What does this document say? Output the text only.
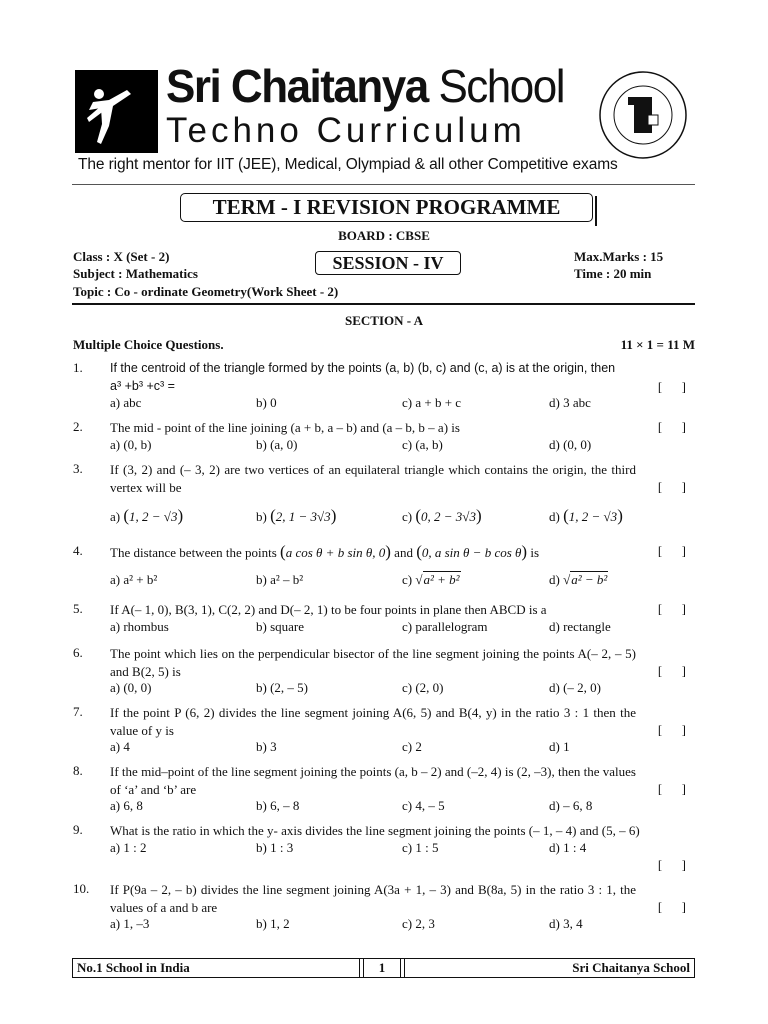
Sri Chaitanya School
Techno Curriculum
The right mentor for IIT (JEE), Medical, Olympiad & all other Competitive exams
TERM - I REVISION PROGRAMME
BOARD : CBSE
SESSION - IV
Class : X (Set - 2)
Subject : Mathematics
Topic : Co - ordinate Geometry(Work Sheet - 2)
Max.Marks : 15
Time : 20 min
SECTION - A
Multiple Choice Questions.	11 × 1 = 11 M
1. If the centroid of the triangle formed by the points (a, b) (b, c) and (c, a) is at the origin, then
a³ +b³ +c³ =	[      ]
a) abc	b) 0	c) a + b + c	d) 3 abc
2. The mid - point of the line joining (a + b, a – b) and (a – b, b – a) is	[      ]
a) (0, b)	b) (a, 0)	c) (a, b)	d) (0, 0)
3. If (3, 2) and (– 3, 2) are two vertices of an equilateral triangle which contains the origin, the third vertex will be	[      ]
a) (1, 2 − √3)	b) (2, 1 − 3√3)	c) (0, 2 − 3√3)	d) (1, 2 − √3)
4. The distance between the points (a cos θ + b sin θ, 0) and (0, a sin θ − b cos θ) is	[      ]
a) a² + b²	b) a² – b²	c) √a² + b²	d) √a² − b²
5. If A(– 1, 0), B(3, 1), C(2, 2) and D(– 2, 1) to be four points in plane then ABCD is a	[      ]
a) rhombus	b) square	c) parallelogram	d) rectangle
6. The point which lies on the perpendicular bisector of the line segment joining the points A(– 2, – 5) and B(2, 5) is	[      ]
a) (0, 0)	b) (2, – 5)	c) (2, 0)	d) (– 2, 0)
7. If the point P (6, 2) divides the line segment joining A(6, 5) and B(4, y) in the ratio 3 : 1 then the value of y is	[      ]
a) 4	b) 3	c) 2	d) 1
8. If the mid–point of the line segment joining the points (a, b – 2) and (–2, 4) is (2, –3), then the values of ‘a’ and ‘b’ are	[      ]
a) 6, 8	b) 6, – 8	c) 4, – 5	d) – 6, 8
9. What is the ratio in which the y- axis divides the line segment joining the points (– 1, – 4) and (5, – 6)
[      ]
a) 1 : 2	b) 1 : 3	c) 1 : 5	d) 1 : 4
10. If P(9a – 2, – b) divides the line segment joining A(3a + 1, – 3) and B(8a, 5) in the ratio 3 : 1, the values of a and b are	[      ]
a) 1, –3	b) 1, 2	c) 2, 3	d) 3, 4
No.1 School in India	1	Sri Chaitanya School
